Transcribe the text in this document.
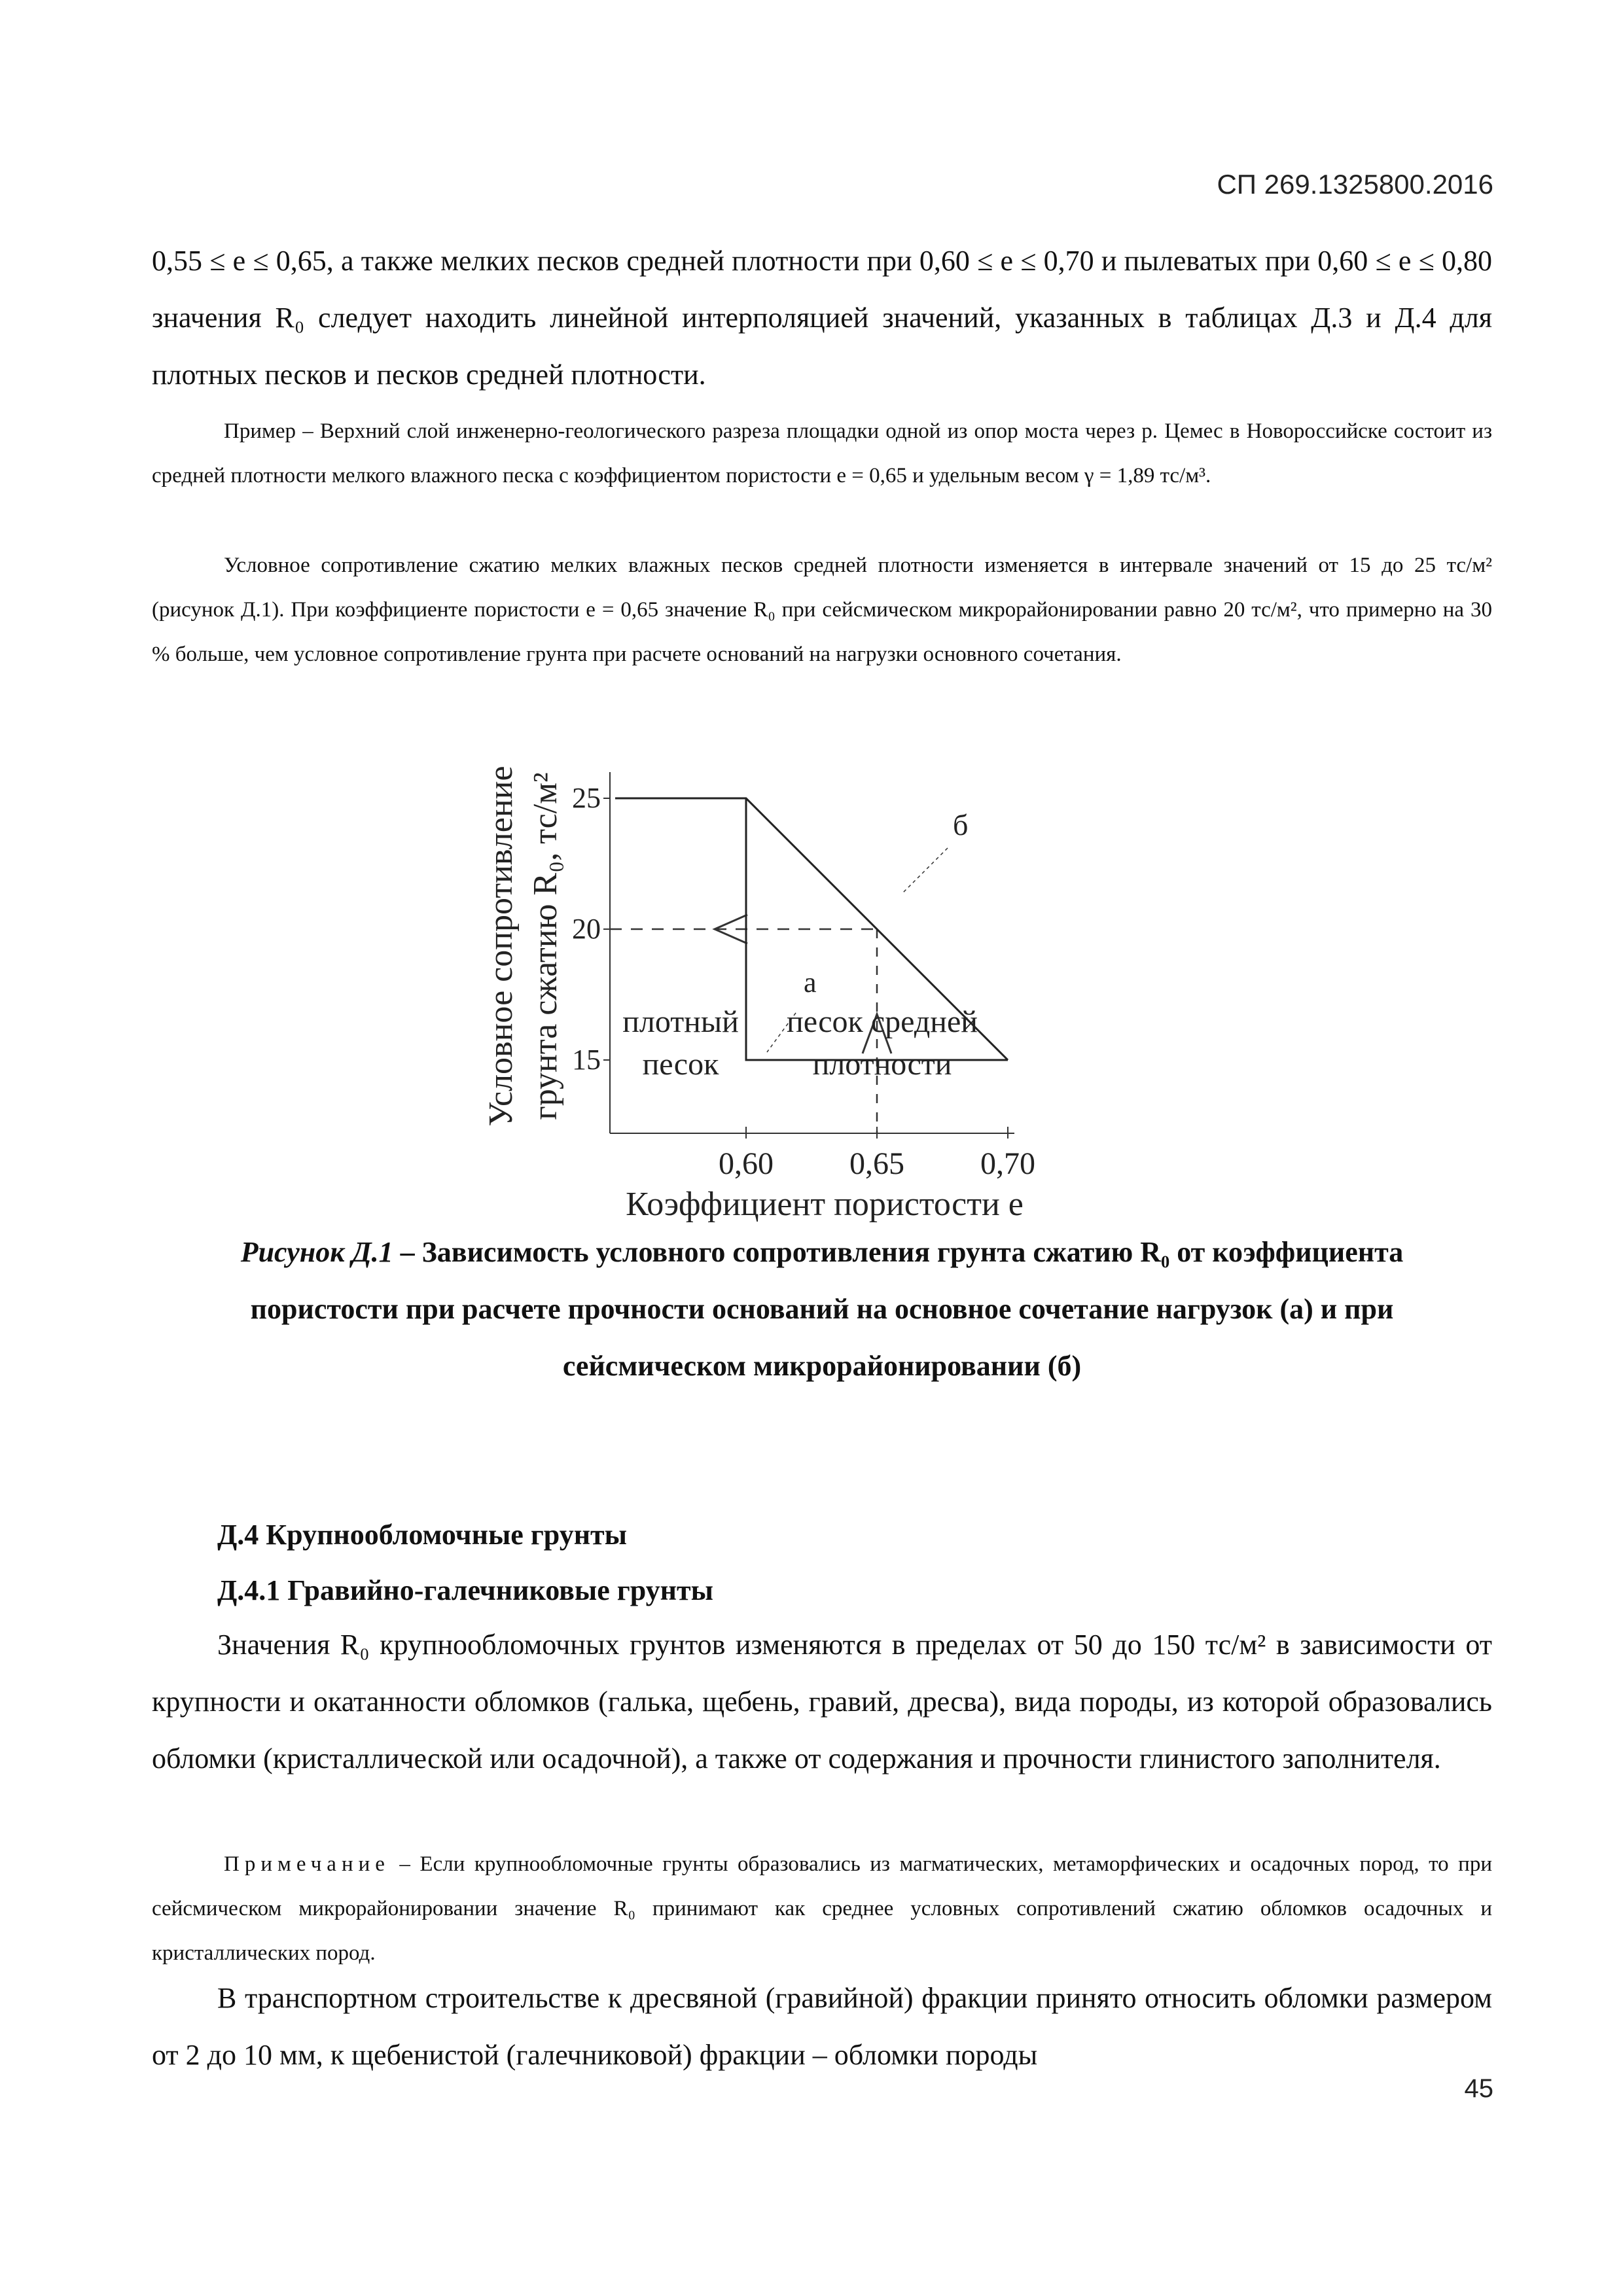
СП 269.1325800.2016

0,55 ≤ e ≤ 0,65, а также мелких песков средней плотности при 0,60 ≤ e ≤ 0,70 и пылеватых при 0,60 ≤ e ≤ 0,80 значения R₀ следует находить линейной интерполяцией значений, указанных в таблицах Д.3 и Д.4 для плотных песков и песков средней плотности.

Пример – Верхний слой инженерно-геологического разреза площадки одной из опор моста через р. Цемес в Новороссийске состоит из средней плотности мелкого влажного песка с коэффициентом пористости e = 0,65 и удельным весом γ = 1,89 тс/м³.

Условное сопротивление сжатию мелких влажных песков средней плотности изменяется в интервале значений от 15 до 25 тс/м² (рисунок Д.1). При коэффициенте пористости e = 0,65 значение R₀ при сейсмическом микрорайонировании равно 20 тс/м², что примерно на 30 % больше, чем условное сопротивление грунта при расчете оснований на нагрузки основного сочетания.

25
20
15
0,60 0,65 0,70
а
б
плотный
песок
песок средней
плотности
Коэффициент пористости e
Условное сопротивление грунта сжатию R₀, тс/м²

Рисунок Д.1 – Зависимость условного сопротивления грунта сжатию R₀ от коэффициента
пористости при расчете прочности оснований на основное сочетание нагрузок (а) и при
сейсмическом микрорайонировании (б)

Д.4 Крупнообломочные грунты
Д.4.1 Гравийно-галечниковые грунты

Значения R₀ крупнообломочных грунтов изменяются в пределах от 50 до 150 тс/м² в зависимости от крупности и окатанности обломков (галька, щебень, гравий, дресва), вида породы, из которой образовались обломки (кристаллической или осадочной), а также от содержания и прочности глинистого заполнителя.

Примечание – Если крупнообломочные грунты образовались из магматических, метаморфических и осадочных пород, то при сейсмическом микрорайонировании значение R₀ принимают как среднее условных сопротивлений сжатию обломков осадочных и кристаллических пород.

В транспортном строительстве к дресвяной (гравийной) фракции принято относить обломки размером от 2 до 10 мм, к щебенистой (галечниковой) фракции – обломки породы

45
